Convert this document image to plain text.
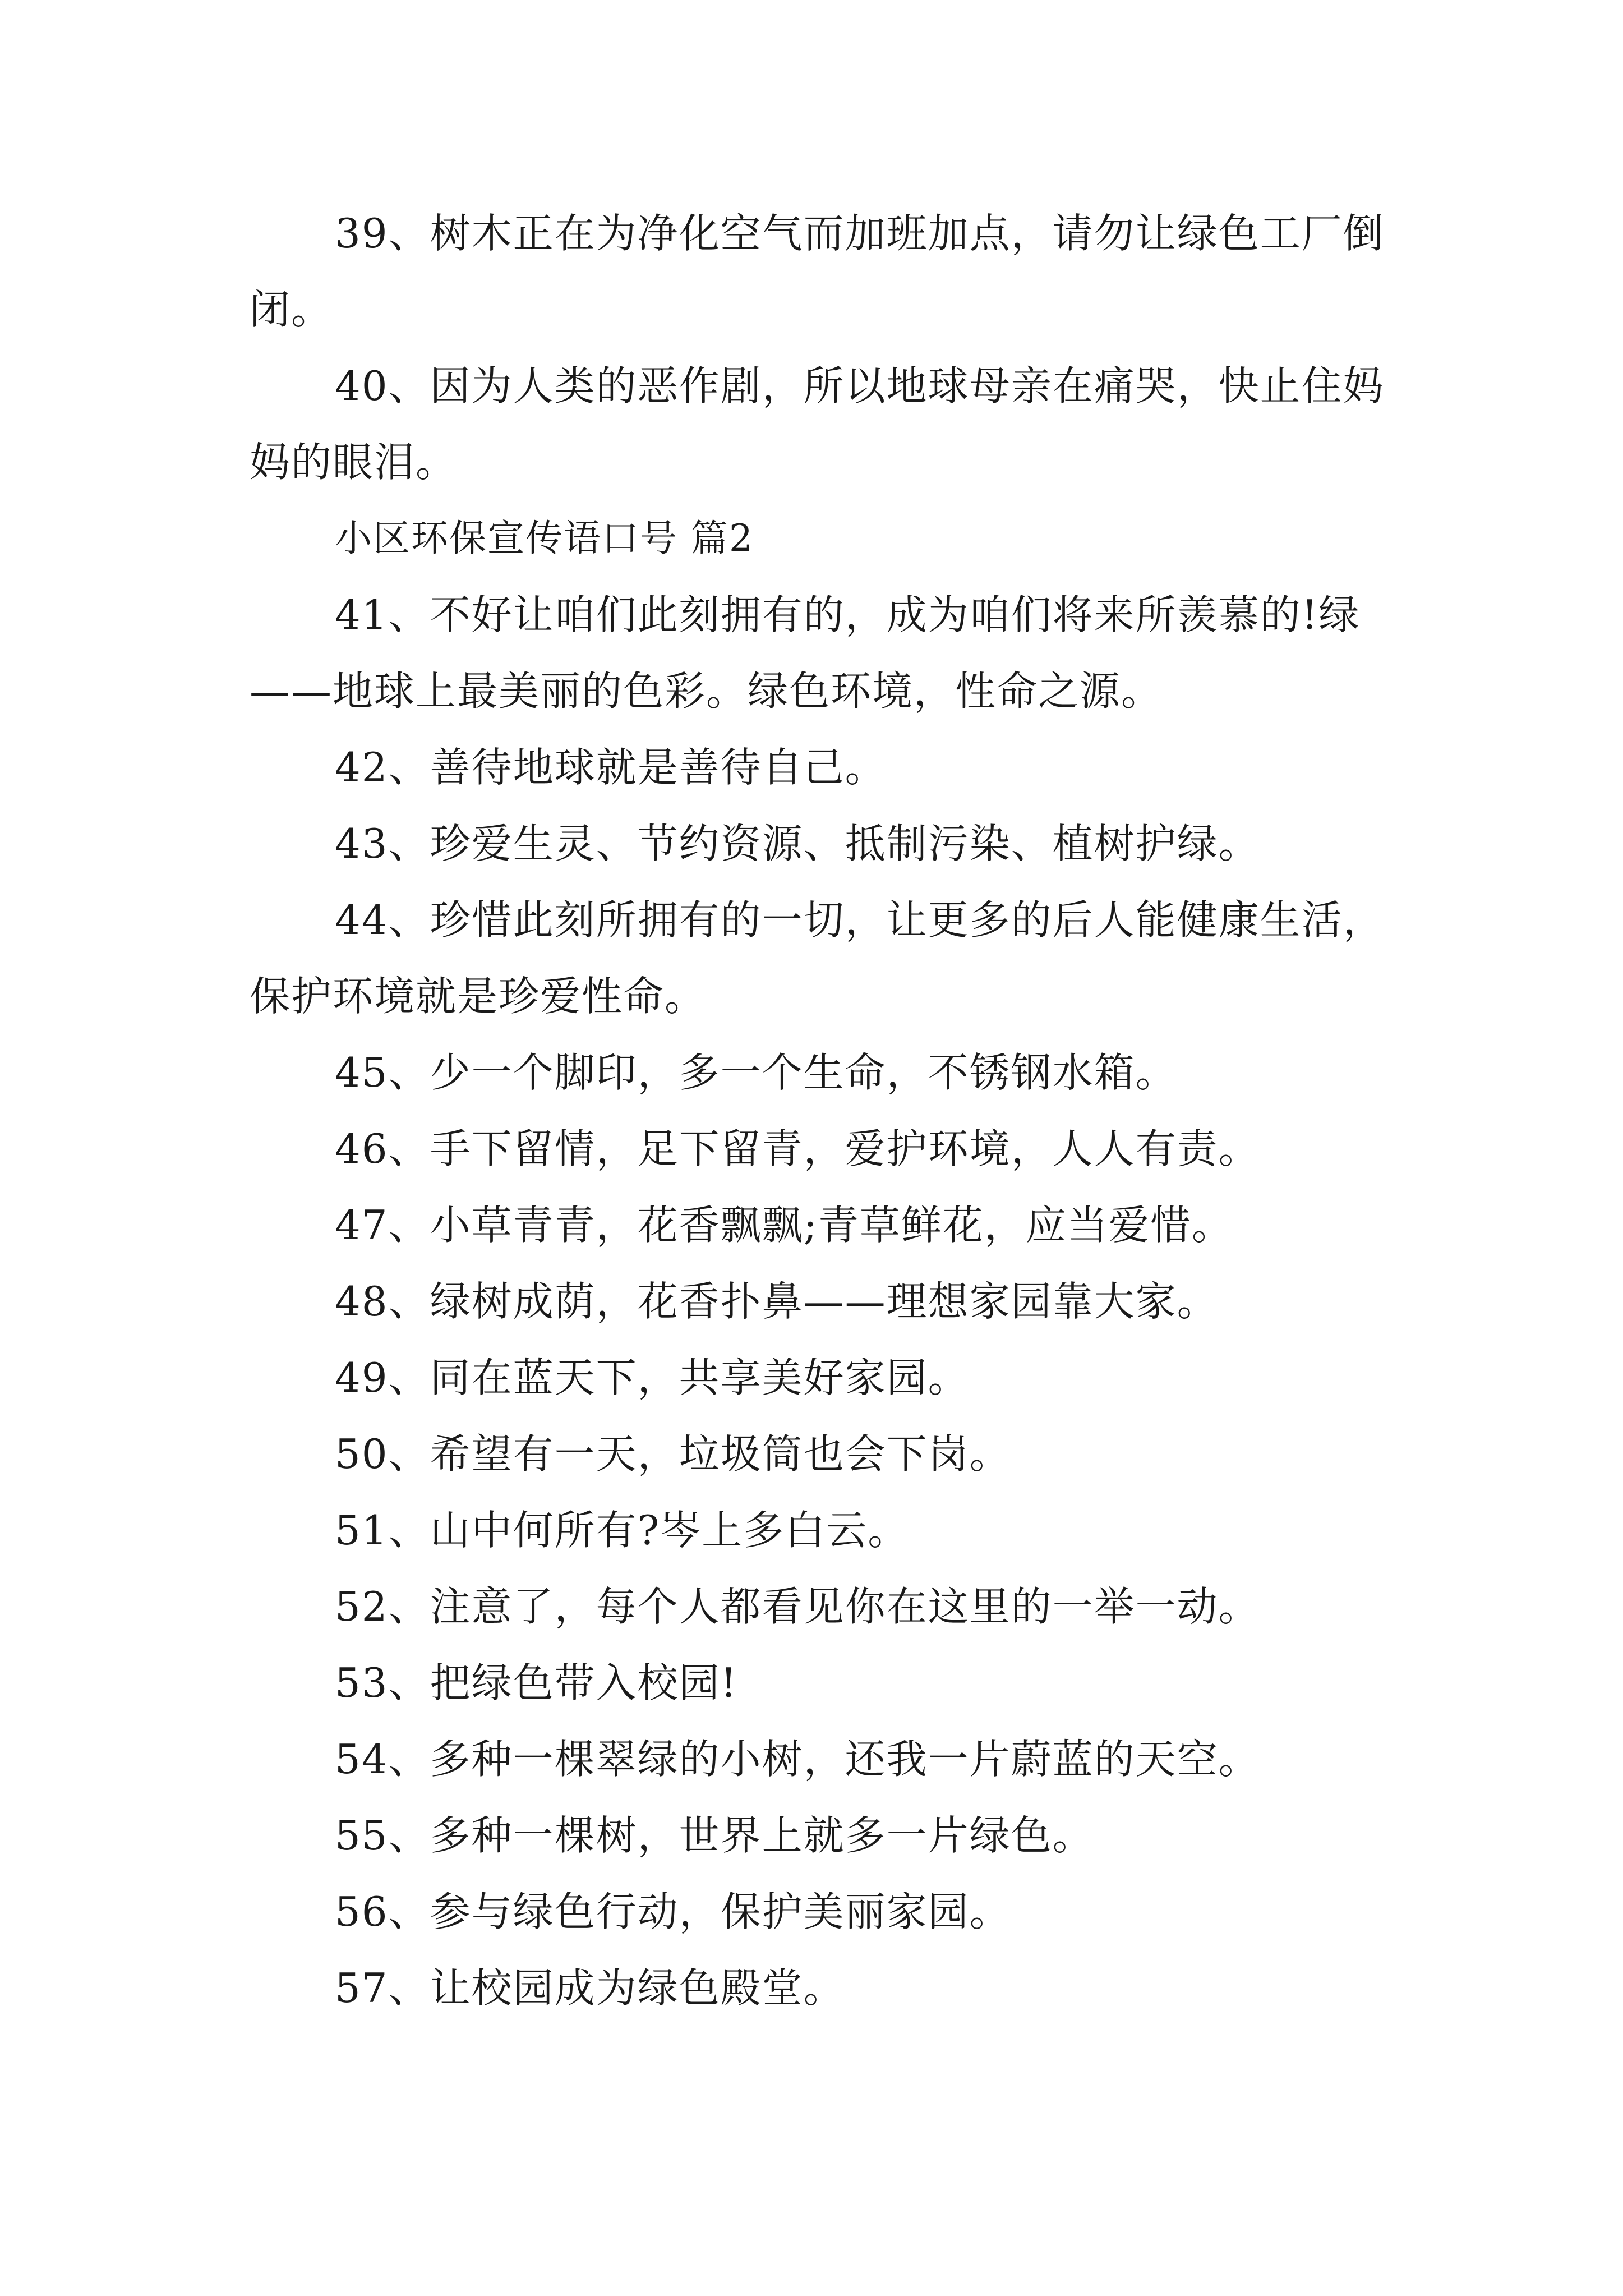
39、树木正在为净化空气而加班加点，请勿让绿色工厂倒闭。

40、因为人类的恶作剧，所以地球母亲在痛哭，快止住妈妈的眼泪。

小区环保宣传语口号 篇2

41、不好让咱们此刻拥有的，成为咱们将来所羡慕的!绿——地球上最美丽的色彩。绿色环境，性命之源。

42、善待地球就是善待自己。

43、珍爱生灵、节约资源、抵制污染、植树护绿。

44、珍惜此刻所拥有的一切，让更多的后人能健康生活，保护环境就是珍爱性命。

45、少一个脚印，多一个生命，不锈钢水箱。

46、手下留情，足下留青，爱护环境，人人有责。

47、小草青青，花香飘飘;青草鲜花，应当爱惜。

48、绿树成荫，花香扑鼻——理想家园靠大家。

49、同在蓝天下，共享美好家园。

50、希望有一天，垃圾筒也会下岗。

51、山中何所有?岑上多白云。

52、注意了，每个人都看见你在这里的一举一动。

53、把绿色带入校园!

54、多种一棵翠绿的小树，还我一片蔚蓝的天空。

55、多种一棵树，世界上就多一片绿色。

56、参与绿色行动，保护美丽家园。

57、让校园成为绿色殿堂。
